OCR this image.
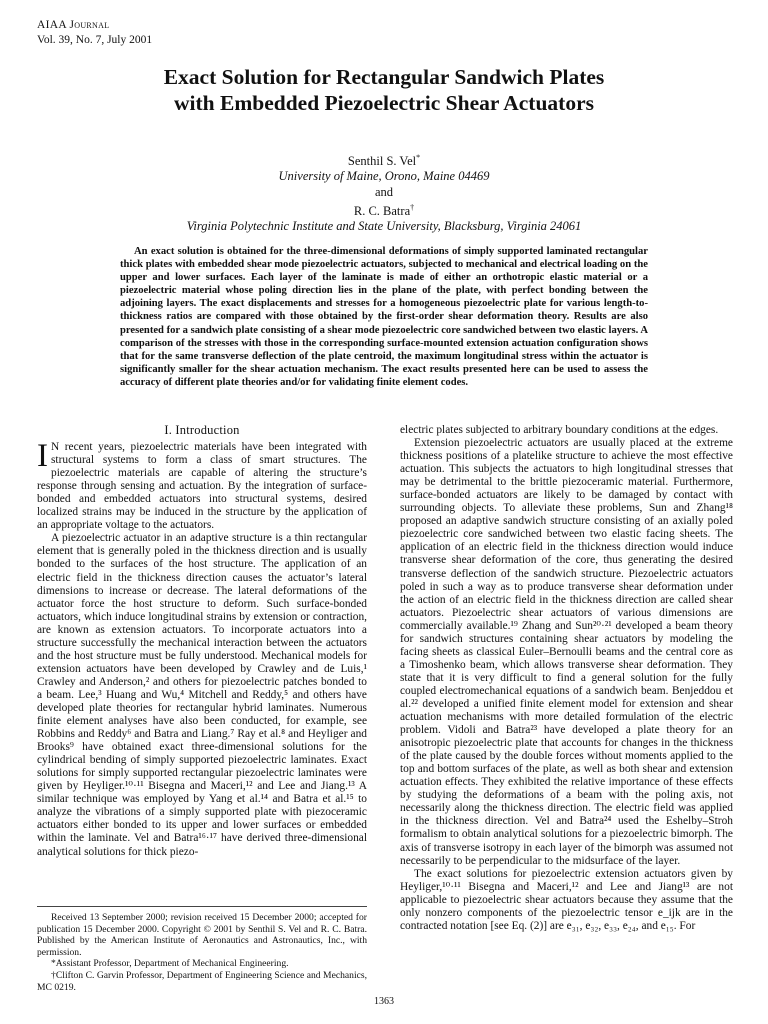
AIAA Journal
Vol. 39, No. 7, July 2001
Exact Solution for Rectangular Sandwich Plates
with Embedded Piezoelectric Shear Actuators
Senthil S. Vel*
University of Maine, Orono, Maine 04469
and
R. C. Batra†
Virginia Polytechnic Institute and State University, Blacksburg, Virginia 24061
An exact solution is obtained for the three-dimensional deformations of simply supported laminated rectangular thick plates with embedded shear mode piezoelectric actuators, subjected to mechanical and electrical loading on the upper and lower surfaces. Each layer of the laminate is made of either an orthotropic elastic material or a piezoelectric material whose poling direction lies in the plane of the plate, with perfect bonding between the adjoining layers. The exact displacements and stresses for a homogeneous piezoelectric plate for various length-to-thickness ratios are compared with those obtained by the first-order shear deformation theory. Results are also presented for a sandwich plate consisting of a shear mode piezoelectric core sandwiched between two elastic layers. A comparison of the stresses with those in the corresponding surface-mounted extension actuation configuration shows that for the same transverse deflection of the plate centroid, the maximum longitudinal stress within the actuator is significantly smaller for the shear actuation mechanism. The exact results presented here can be used to assess the accuracy of different plate theories and/or for validating finite element codes.
I. Introduction

I N recent years, piezoelectric materials have been integrated with structural systems to form a class of smart structures. The piezoelectric materials are capable of altering the structure’s response through sensing and actuation. By the integration of surface-bonded and embedded actuators into structural systems, desired localized strains may be induced in the structure by the application of an appropriate voltage to the actuators.

A piezoelectric actuator in an adaptive structure is a thin rectangular element that is generally poled in the thickness direction and is usually bonded to the surfaces of the host structure. The application of an electric field in the thickness direction causes the actuator’s lateral dimensions to increase or decrease. The lateral deformations of the actuator force the host structure to deform. Such surface-bonded actuators, which induce longitudinal strains by extension or contraction, are known as extension actuators. To incorporate actuators into a structure successfully the mechanical interaction between the actuators and the host structure must be fully understood. Mechanical models for extension actuators have been developed by Crawley and de Luis,¹ Crawley and Anderson,² and others for piezoelectric patches bonded to a beam. Lee,³ Huang and Wu,⁴ Mitchell and Reddy,⁵ and others have developed plate theories for rectangular hybrid laminates. Numerous finite element analyses have also been conducted, for example, see Robbins and Reddy⁶ and Batra and Liang.⁷ Ray et al.⁸ and Heyliger and Brooks⁹ have obtained exact three-dimensional solutions for the cylindrical bending of simply supported piezoelectric laminates. Exact solutions for simply supported rectangular piezoelectric laminates were given by Heyliger.¹⁰·¹¹ Bisegna and Maceri,¹² and Lee and Jiang.¹³ A similar technique was employed by Yang et al.¹⁴ and Batra et al.¹⁵ to analyze the vibrations of a simply supported plate with piezoceramic actuators either bonded to its upper and lower surfaces or embedded within the laminate. Vel and Batra¹⁶·¹⁷ have derived three-dimensional analytical solutions for thick piezo-

electric plates subjected to arbitrary boundary conditions at the edges.

Extension piezoelectric actuators are usually placed at the extreme thickness positions of a platelike structure to achieve the most effective actuation. This subjects the actuators to high longitudinal stresses that may be detrimental to the brittle piezoceramic material. Furthermore, surface-bonded actuators are likely to be damaged by contact with surrounding objects. To alleviate these problems, Sun and Zhang¹⁸ proposed an adaptive sandwich structure consisting of an axially poled piezoelectric core sandwiched between two elastic facing sheets. The application of an electric field in the thickness direction would induce transverse shear deformation of the core, thus generating the desired transverse deflection of the sandwich structure. Piezoelectric actuators poled in such a way as to produce transverse shear deformation under the action of an electric field in the thickness direction are called shear actuators. Piezoelectric shear actuators of various dimensions are commercially available.¹⁹ Zhang and Sun²⁰·²¹ developed a beam theory for sandwich structures containing shear actuators by modeling the facing sheets as classical Euler–Bernoulli beams and the central core as a Timoshenko beam, which allows transverse shear deformation. They state that it is very difficult to find a general solution for the fully coupled electromechanical equations of a sandwich beam. Benjeddou et al.²² developed a unified finite element model for extension and shear actuation mechanisms with more detailed formulation of the electric problem. Vidoli and Batra²³ have developed a plate theory for an anisotropic piezoelectric plate that accounts for changes in the thickness of the plate caused by the double forces without moments applied to the top and bottom surfaces of the plate, as well as both shear and extension actuation effects. They exhibited the relative importance of these effects by studying the deformations of a beam with the poling axis, not necessarily along the thickness direction. The electric field was applied in the thickness direction. Vel and Batra²⁴ used the Eshelby–Stroh formalism to obtain analytical solutions for a piezoelectric bimorph. The axis of transverse isotropy in each layer of the bimorph was assumed not necessarily to be perpendicular to the midsurface of the layer.

The exact solutions for piezoelectric extension actuators given by Heyliger,¹⁰·¹¹ Bisegna and Maceri,¹² and Lee and Jiang¹³ are not applicable to piezoelectric shear actuators because they assume that the only nonzero components of the piezoelectric tensor e_ijk are in the contracted notation [see Eq. (2)] are e₃₁, e₃₂, e₃₃, e₂₄, and e₁₅. For

Received 13 September 2000; revision received 15 December 2000; accepted for publication 15 December 2000. Copyright © 2001 by Senthil S. Vel and R. C. Batra. Published by the American Institute of Aeronautics and Astronautics, Inc., with permission.

*Assistant Professor, Department of Mechanical Engineering.

†Clifton C. Garvin Professor, Department of Engineering Science and Mechanics, MC 0219.

1363
